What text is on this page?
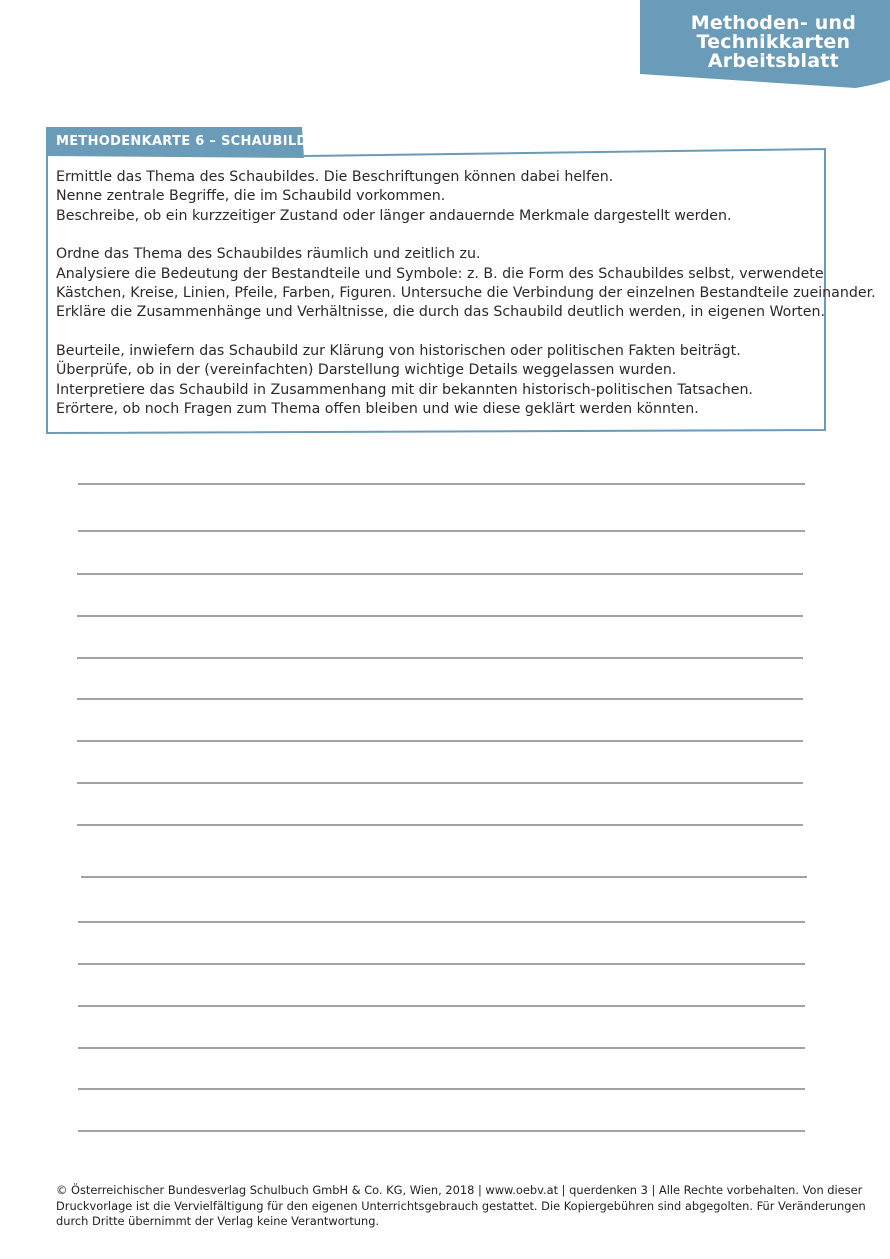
Methoden- und
Technikkarten
Arbeitsblatt
METHODENKARTE 6 – SCHAUBILD
Ermittle das Thema des Schaubildes. Die Beschriftungen können dabei helfen.
Nenne zentrale Begriffe, die im Schaubild vorkommen.
Beschreibe, ob ein kurzzeitiger Zustand oder länger andauernde Merkmale dargestellt werden.
Ordne das Thema des Schaubildes räumlich und zeitlich zu.
Analysiere die Bedeutung der Bestandteile und Symbole: z. B. die Form des Schaubildes selbst, verwendete
Kästchen, Kreise, Linien, Pfeile, Farben, Figuren. Untersuche die Verbindung der einzelnen Bestandteile zueinander.
Erkläre die Zusammenhänge und Verhältnisse, die durch das Schaubild deutlich werden, in eigenen Worten.
Beurteile, inwiefern das Schaubild zur Klärung von historischen oder politischen Fakten beiträgt.
Überprüfe, ob in der (vereinfachten) Darstellung wichtige Details weggelassen wurden.
Interpretiere das Schaubild in Zusammenhang mit dir bekannten historisch-politischen Tatsachen.
Erörtere, ob noch Fragen zum Thema offen bleiben und wie diese geklärt werden könnten.
© Österreichischer Bundesverlag Schulbuch GmbH & Co. KG, Wien, 2018 | www.oebv.at | querdenken 3 | Alle Rechte vorbehalten. Von dieser
Druckvorlage ist die Vervielfältigung für den eigenen Unterrichtsgebrauch gestattet. Die Kopiergebühren sind abgegolten. Für Veränderungen
durch Dritte übernimmt der Verlag keine Verantwortung.
